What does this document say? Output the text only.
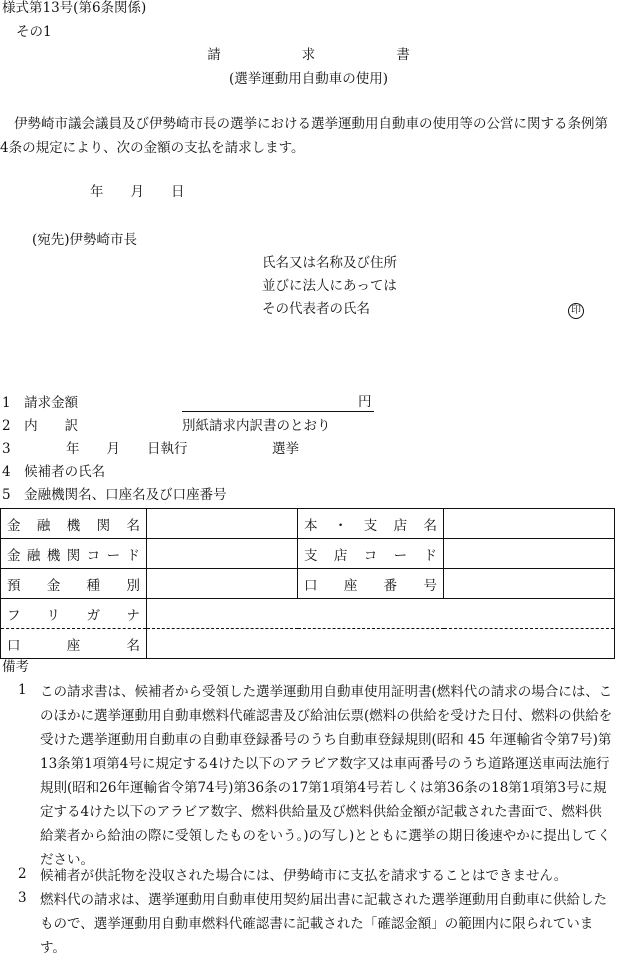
様式第13号(第6条関係)
その1
請　　　　　　求　　　　　　書
(選挙運動用自動車の使用)
伊勢崎市議会議員及び伊勢崎市長の選挙における選挙運動用自動車の使用等の公営に関する条例第4条の規定により、次の金額の支払を請求します。
年　　月　　日
(宛先)伊勢崎市長
氏名又は名称及び住所
並びに法人にあっては
その代表者の氏名	印
1　請求金額	円
2　内　　訳	別紙請求内訳書のとおり
3	年　　月　　日執行	選挙
4　候補者の氏名
5　金融機関名、口座名及び口座番号
金融機関名		本・支店名	
金融機関コード		支店コード	
預金種別		口座番号	
フリガナ			
口座名			
備考
1 この請求書は、候補者から受領した選挙運動用自動車使用証明書(燃料代の請求の場合には、このほかに選挙運動用自動車燃料代確認書及び給油伝票(燃料の供給を受けた日付、燃料の供給を受けた選挙運動用自動車の自動車登録番号のうち自動車登録規則(昭和 45 年運輸省令第7号)第13条第1項第4号に規定する4けた以下のアラビア数字又は車両番号のうち道路運送車両法施行規則(昭和26年運輸省令第74号)第36条の17第1項第4号若しくは第36条の18第1項第3号に規定する4けた以下のアラビア数字、燃料供給量及び燃料供給金額が記載された書面で、燃料供給業者から給油の際に受領したものをいう。)の写し)とともに選挙の期日後速やかに提出してください。
2 候補者が供託物を没収された場合には、伊勢崎市に支払を請求することはできません。
3 燃料代の請求は、選挙運動用自動車使用契約届出書に記載された選挙運動用自動車に供給したもので、選挙運動用自動車燃料代確認書に記載された「確認金額」の範囲内に限られています。
